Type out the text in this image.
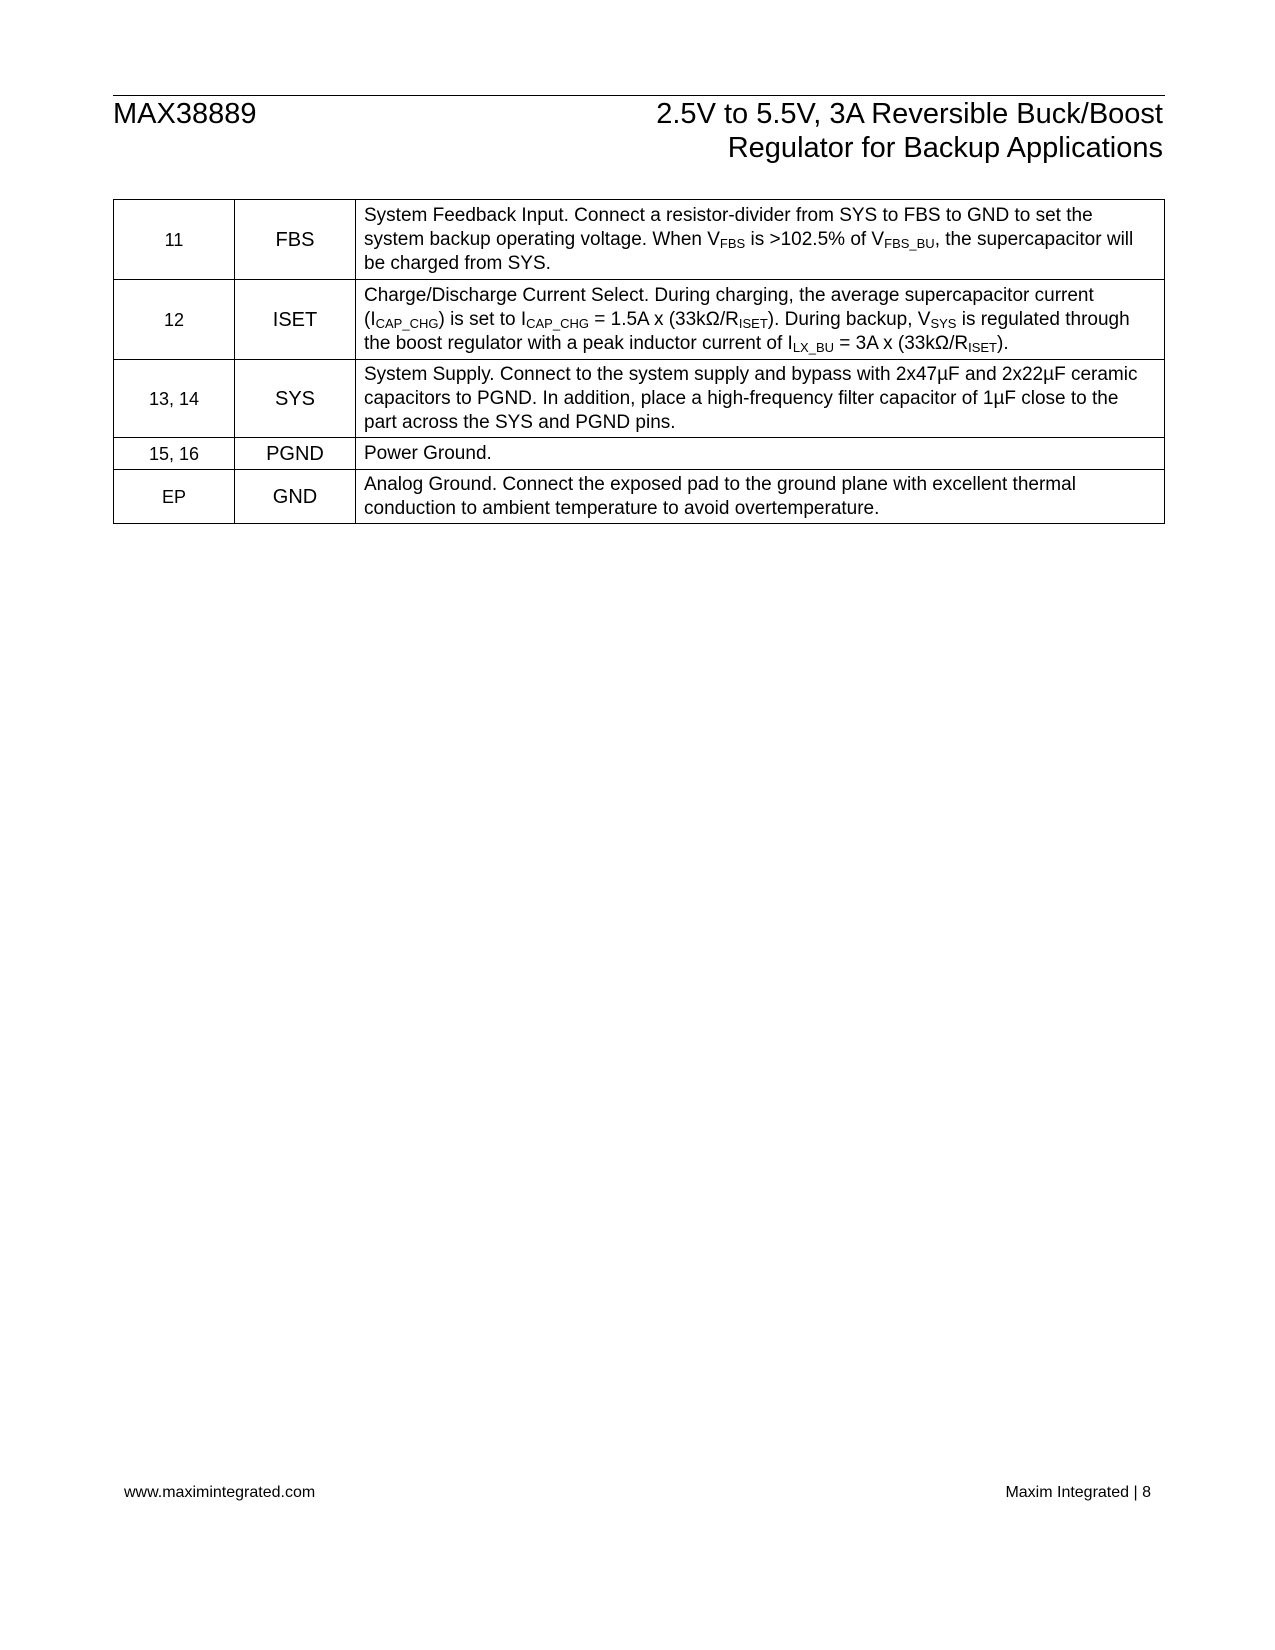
MAX38889	2.5V to 5.5V, 3A Reversible Buck/Boost
Regulator for Backup Applications
11	FBS	System Feedback Input. Connect a resistor-divider from SYS to FBS to GND to set the system backup operating voltage. When $V_{FBS}$ is >102.5% of $V_{FBS\_BU}$, the supercapacitor will be charged from SYS.
12	ISET	Charge/Discharge Current Select. During charging, the average supercapacitor current $(I_{CAP\_CHG})$ is set to $I_{CAP\_CHG} = 1.5A$ x $(33k\Omega/R_{ISET})$. During backup, $V_{SYS}$ is regulated through the boost regulator with a peak inductor current of $I_{LX\_BU} = 3A$ x $(33k\Omega/R_{ISET})$.
13, 14	SYS	System Supply. Connect to the system supply and bypass with 2x47µF and 2x22µF ceramic capacitors to PGND. In addition, place a high-frequency filter capacitor of 1µF close to the part across the SYS and PGND pins.
15, 16	PGND	Power Ground.
EP	GND	Analog Ground. Connect the exposed pad to the ground plane with excellent thermal conduction to ambient temperature to avoid overtemperature.
www.maximintegrated.com	Maxim Integrated | 8
